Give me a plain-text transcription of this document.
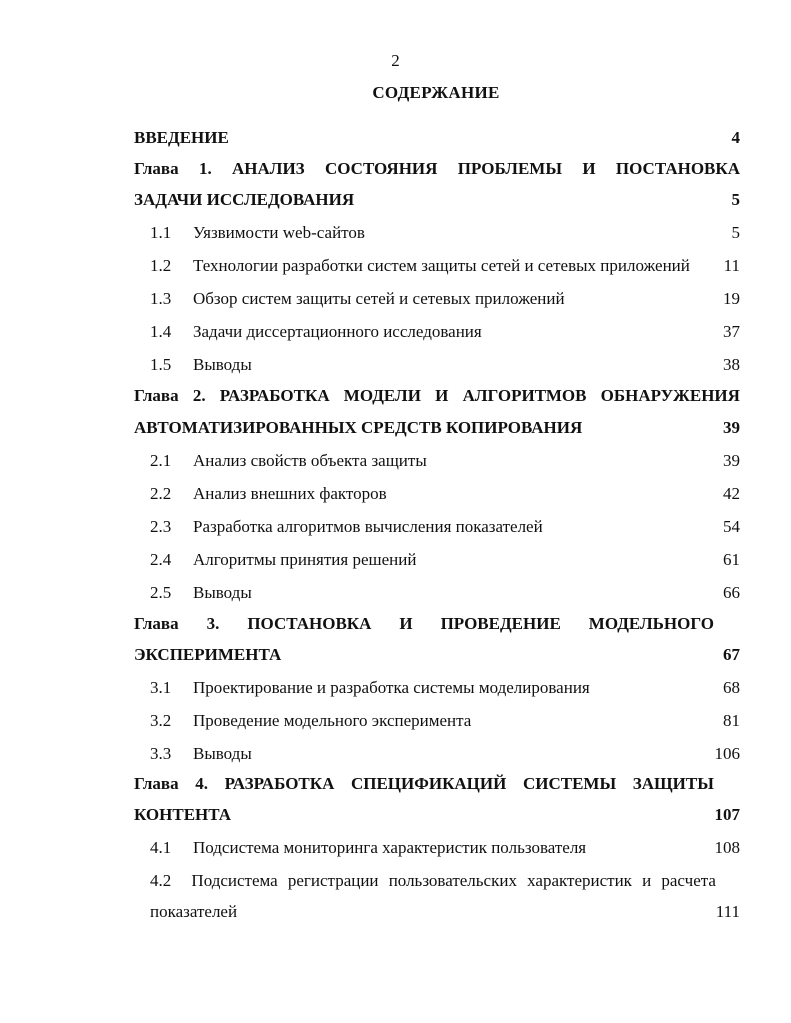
2
СОДЕРЖАНИЕ
ВВЕДЕНИЕ	4
Глава 1. АНАЛИЗ СОСТОЯНИЯ ПРОБЛЕМЫ И ПОСТАНОВКА
ЗАДАЧИ ИССЛЕДОВАНИЯ	5
1.1	Уязвимости web-сайтов	5
1.2	Технологии разработки систем защиты сетей и сетевых приложений 11
1.3	Обзор систем защиты сетей и сетевых приложений	19
1.4	Задачи диссертационного исследования	37
1.5	Выводы	38
Глава 2. РАЗРАБОТКА МОДЕЛИ И АЛГОРИТМОВ ОБНАРУЖЕНИЯ
АВТОМАТИЗИРОВАННЫХ СРЕДСТВ КОПИРОВАНИЯ	39
2.1	Анализ свойств объекта защиты	39
2.2	Анализ внешних факторов	42
2.3	Разработка алгоритмов вычисления показателей	54
2.4	Алгоритмы принятия решений	61
2.5	Выводы	66
Глава 3. ПОСТАНОВКА И ПРОВЕДЕНИЕ МОДЕЛЬНОГО
ЭКСПЕРИМЕНТА	67
3.1	Проектирование и разработка системы моделирования	68
3.2	Проведение модельного эксперимента	81
3.3	Выводы	106
Глава 4. РАЗРАБОТКА СПЕЦИФИКАЦИЙ СИСТЕМЫ ЗАЩИТЫ
КОНТЕНТА	107
4.1	Подсистема мониторинга характеристик пользователя	108
4.2 Подсистема регистрации пользовательских характеристик и расчета
показателей	111
